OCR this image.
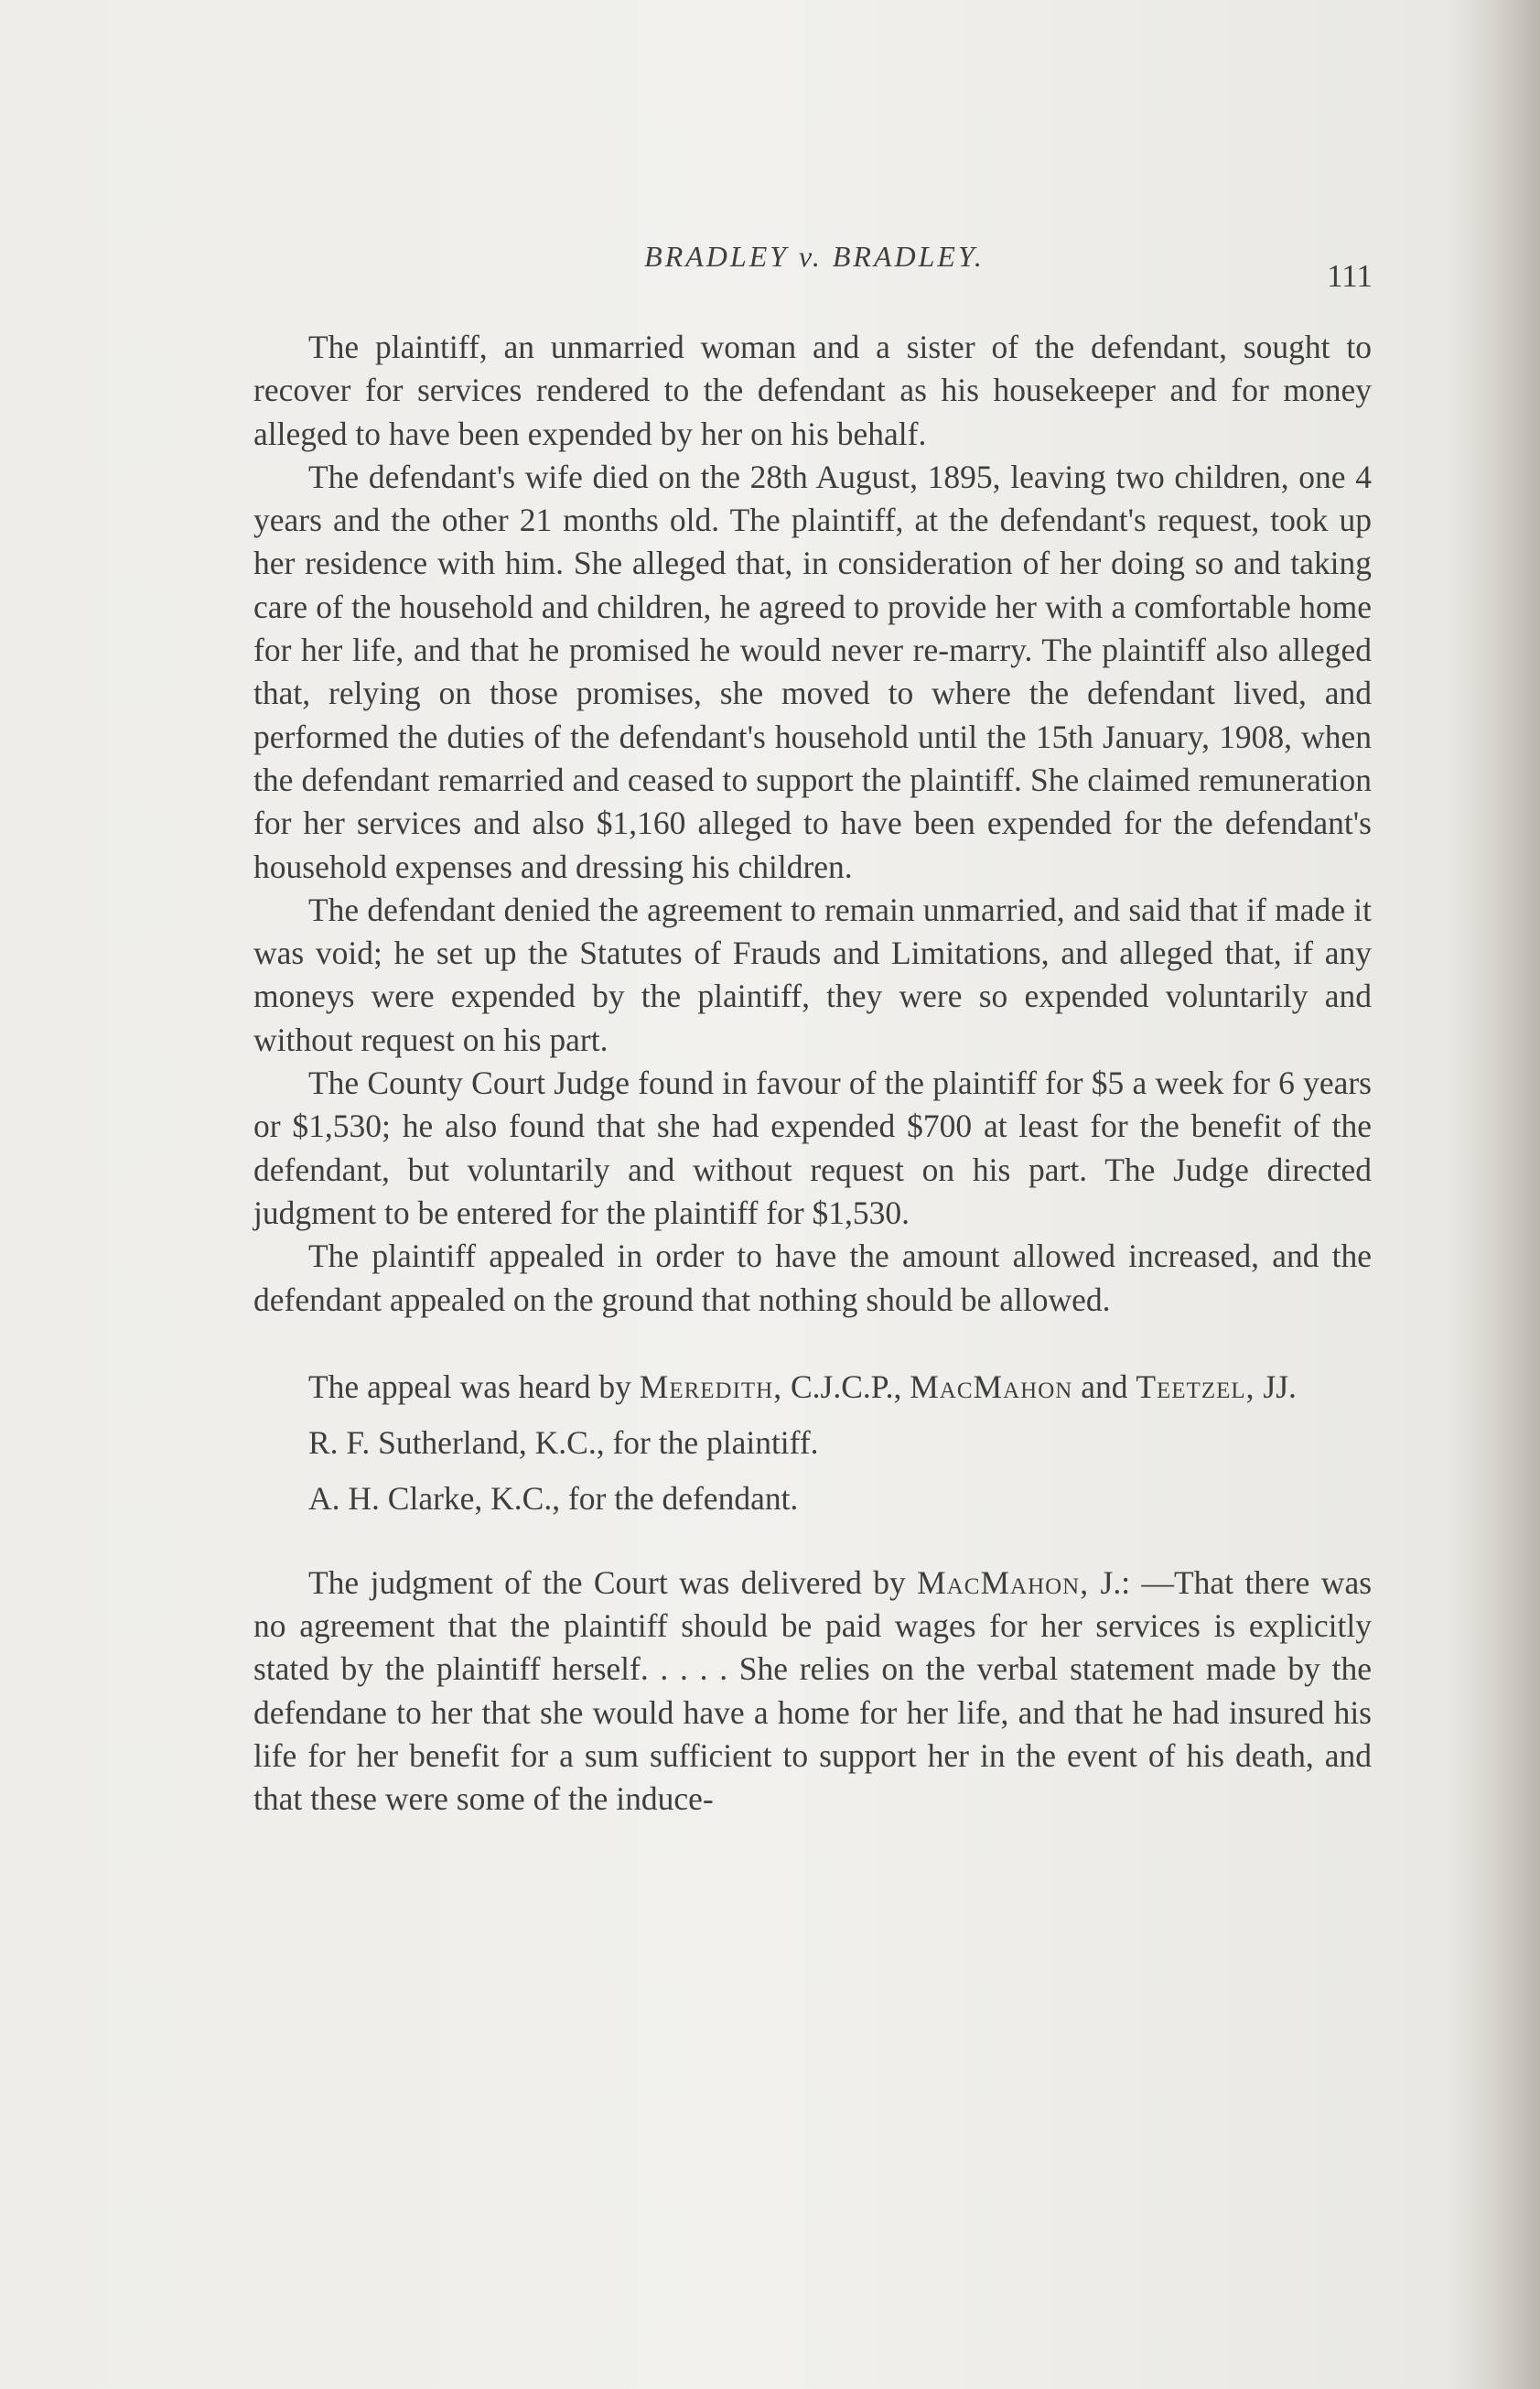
BRADLEY v. BRADLEY.
111

The plaintiff, an unmarried woman and a sister of the defendant, sought to recover for services rendered to the defendant as his housekeeper and for money alleged to have been expended by her on his behalf.

The defendant's wife died on the 28th August, 1895, leaving two children, one 4 years and the other 21 months old. The plaintiff, at the defendant's request, took up her residence with him. She alleged that, in consideration of her doing so and taking care of the household and children, he agreed to provide her with a comfortable home for her life, and that he promised he would never re-marry. The plaintiff also alleged that, relying on those promises, she moved to where the defendant lived, and performed the duties of the defendant's household until the 15th January, 1908, when the defendant remarried and ceased to support the plaintiff. She claimed remuneration for her services and also $1,160 alleged to have been expended for the defendant's household expenses and dressing his children.

The defendant denied the agreement to remain unmarried, and said that if made it was void; he set up the Statutes of Frauds and Limitations, and alleged that, if any moneys were expended by the plaintiff, they were so expended voluntarily and without request on his part.

The County Court Judge found in favour of the plaintiff for $5 a week for 6 years or $1,530; he also found that she had expended $700 at least for the benefit of the defendant, but voluntarily and without request on his part. The Judge directed judgment to be entered for the plaintiff for $1,530.

The plaintiff appealed in order to have the amount allowed increased, and the defendant appealed on the ground that nothing should be allowed.

The appeal was heard by Meredith, C.J.C.P., MacMahon and Teetzel, JJ.

R. F. Sutherland, K.C., for the plaintiff.

A. H. Clarke, K.C., for the defendant.

The judgment of the Court was delivered by MacMahon, J.: —That there was no agreement that the plaintiff should be paid wages for her services is explicitly stated by the plaintiff herself. . . . . She relies on the verbal statement made by the defendane to her that she would have a home for her life, and that he had insured his life for her benefit for a sum sufficient to support her in the event of his death, and that these were some of the induce-
